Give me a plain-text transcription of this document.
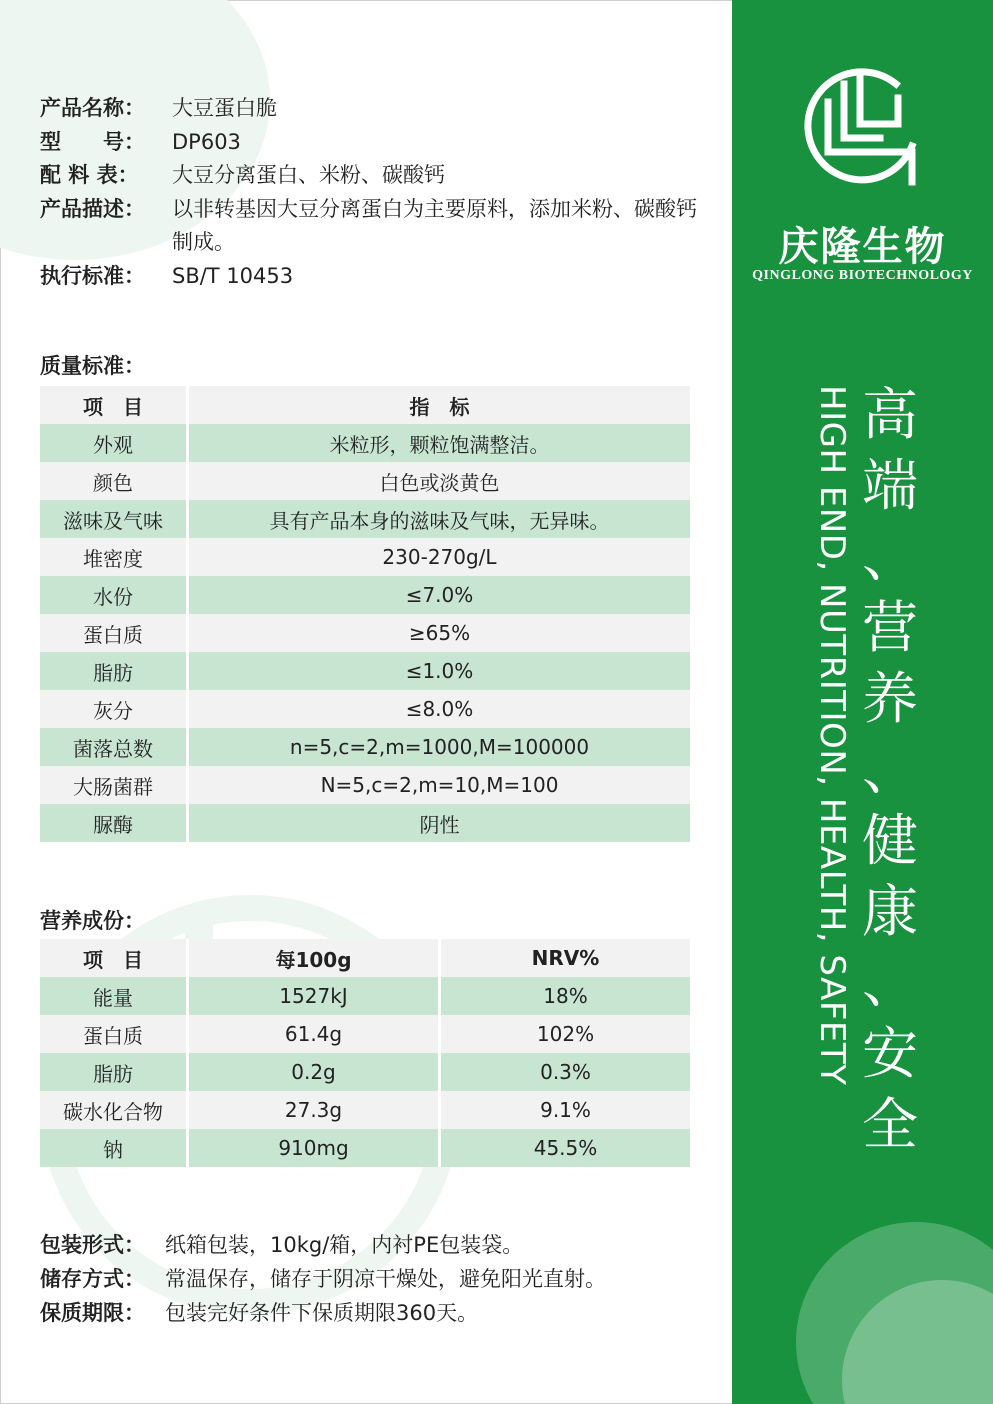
产品名称：	大豆蛋白脆
型　　号：	DP603
配 料 表：	大豆分离蛋白、米粉、碳酸钙
产品描述：	以非转基因大豆分离蛋白为主要原料，添加米粉、碳酸钙制成。
执行标准：	SB/T 10453
质量标准：
项　目	指　标
外观	米粒形，颗粒饱满整洁。
颜色	白色或淡黄色
滋味及气味	具有产品本身的滋味及气味，无异味。
堆密度	230-270g/L
水份	≤7.0%
蛋白质	≥65%
脂肪	≤1.0%
灰分	≤8.0%
菌落总数	n=5,c=2,m=1000,M=100000
大肠菌群	N=5,c=2,m=10,M=100
脲酶	阴性
营养成份：
项　目	每100g	NRV%
能量	1527kJ	18%
蛋白质	61.4g	102%
脂肪	0.2g	0.3%
碳水化合物	27.3g	9.1%
钠	910mg	45.5%
包装形式： 纸箱包装，10kg/箱，内衬PE包装袋。
储存方式： 常温保存，储存于阴凉干燥处，避免阳光直射。
保质期限： 包装完好条件下保质期限360天。
庆隆生物
QINGLONG BIOTECHNOLOGY
HIGH END, NUTRITION, HEALTH, SAFETY 高
端
、
营
养
、
健
康
、
安
全
